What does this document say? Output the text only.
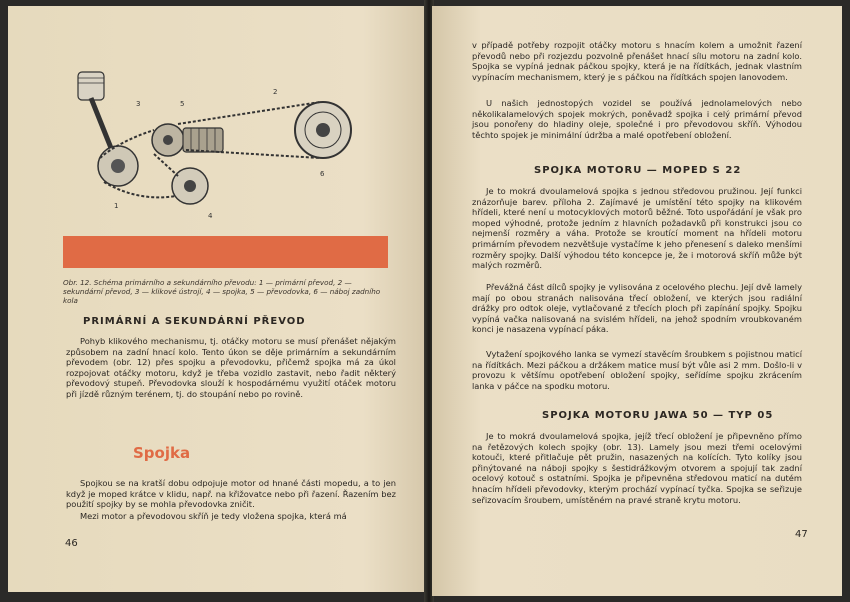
1
2
3
4
5
6
Obr. 12. Schéma primárního a sekundárního převodu: 1 — primární převod, 2 — sekundární převod, 3 — klikové ústrojí, 4 — spojka, 5 — převodovka, 6 — náboj zadního kola
PRIMÁRNÍ A SEKUNDÁRNÍ PŘEVOD

Pohyb klikového mechanismu, tj. otáčky motoru se musí přenášet nějakým způsobem na zadní hnací kolo. Tento úkon se děje primárním a sekundárním převodem (obr. 12) přes spojku a převodovku, přičemž spojka má za úkol rozpojovat otáčky motoru, když je třeba vozidlo zastavit, nebo řadit některý převodový stupeň. Převodovka slouží k hospodárnému využití otáček motoru při jízdě různým terénem, tj. do stoupání nebo po rovině.

Spojka

Spojkou se na kratší dobu odpojuje motor od hnané části mopedu, a to jen když je moped krátce v klidu, např. na křižovatce nebo při řazení. Řazením bez použití spojky by se mohla převodovka zničit.

Mezi motor a převodovou skříň je tedy vložena spojka, která má

46

v případě potřeby rozpojit otáčky motoru s hnacím kolem a umožnit řazení převodů nebo při rozjezdu pozvolně přenášet hnací sílu motoru na zadní kolo. Spojka se vypíná jednak páčkou spojky, která je na řídítkách, jednak vlastním vypínacím mechanismem, který je s páčkou na řídítkách spojen lanovodem.

U našich jednostopých vozidel se používá jednolamelových nebo několikalamelových spojek mokrých, poněvadž spojka i celý primární převod jsou ponořeny do hladiny oleje, společné i pro převodovou skříň. Výhodou těchto spojek je minimální údržba a malé opotřebení obložení.

SPOJKA MOTORU — MOPED S 22

Je to mokrá dvoulamelová spojka s jednou středovou pružinou. Její funkci znázorňuje barev. příloha 2. Zajímavé je umístění této spojky na klikovém hřídeli, které není u motocyklových motorů běžné. Toto uspořádání je však pro moped výhodné, protože jedním z hlavních požadavků při konstrukci jsou co nejmenší rozměry a váha. Protože se kroutící moment na hřídeli motoru primárním převodem nezvětšuje vystačíme k jeho přenesení s daleko menšími rozměry spojky. Další výhodou této koncepce je, že i motorová skříň může být malých rozměrů.

Převážná část dílců spojky je vylisována z ocelového plechu. Její dvě lamely mají po obou stranách nalisována třecí obložení, ve kterých jsou radiální drážky pro odtok oleje, vytlačované z třecích ploch při zapínání spojky. Spojku vypíná vačka nalisovaná na svislém hřídeli, na jehož spodním vroubkovaném konci je nasazena vypínací páka.

Vytažení spojkového lanka se vymezí stavěcím šroubkem s pojistnou maticí na řídítkách. Mezi páčkou a držákem matice musí být vůle asi 2 mm. Došlo-li v provozu k většímu opotřebení obložení spojky, seřídíme spojku zkrácením lanka v páčce na spodku motoru.

SPOJKA MOTORU JAWA 50 — TYP 05

Je to mokrá dvoulamelová spojka, jejíž třecí obložení je připevněno přímo na řetězových kolech spojky (obr. 13). Lamely jsou mezi třemi ocelovými kotouči, které přitlačuje pět pružin, nasazených na kolících. Tyto kolíky jsou přinýtované na náboji spojky s šestidrážkovým otvorem a spojují tak zadní ocelový kotouč s ostatními. Spojka je připevněna středovou maticí na dutém hnacím hřídeli převodovky, kterým prochází vypínací tyčka. Spojka se seřizuje seřizovacím šroubem, umístěném na pravé straně krytu motoru.

47
